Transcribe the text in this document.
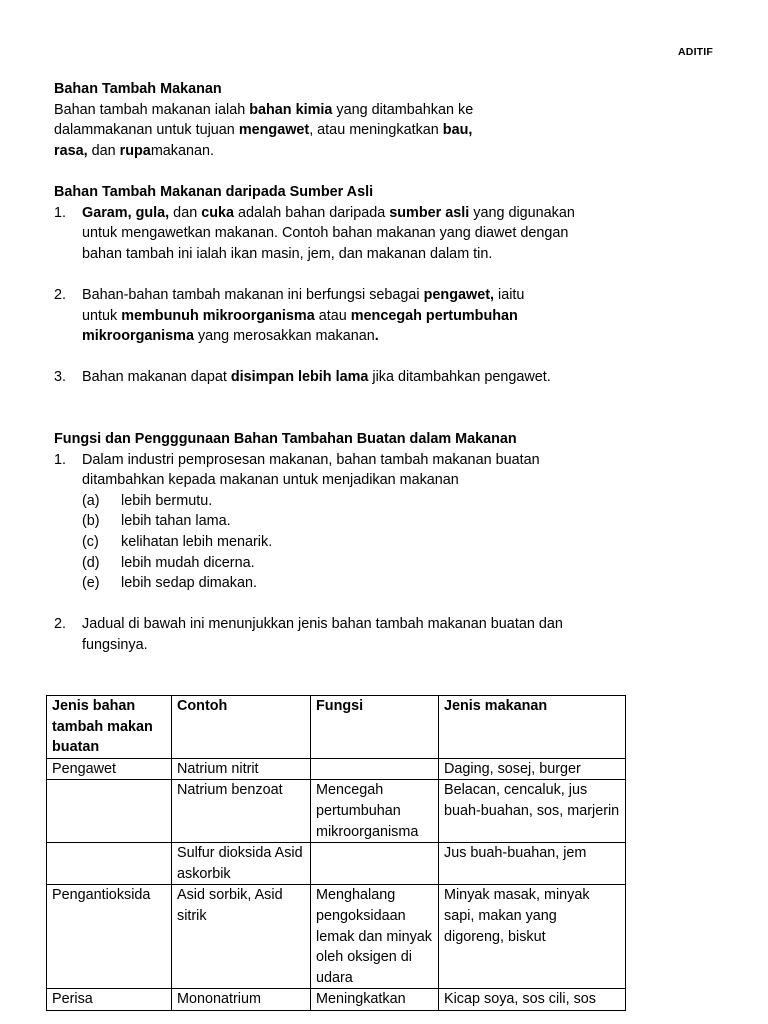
ADITIF

Bahan Tambah Makanan

Bahan tambah makanan ialah bahan kimia yang ditambahkan ke
dalammakanan untuk tujuan mengawet, atau meningkatkan bau,
rasa, dan rupamakanan.

Bahan Tambah Makanan daripada Sumber Asli

1.	Garam, gula, dan cuka adalah bahan daripada sumber asli yang digunakan
untuk mengawetkan makanan. Contoh bahan makanan yang diawet dengan
bahan tambah ini ialah ikan masin, jem, dan makanan dalam tin.
2.	Bahan-bahan tambah makanan ini berfungsi sebagai pengawet, iaitu
untuk membunuh mikroorganisma atau mencegah pertumbuhan
mikroorganisma yang merosakkan makanan.
3.	Bahan makanan dapat disimpan lebih lama jika ditambahkan pengawet.

Fungsi dan Pengggunaan Bahan Tambahan Buatan dalam Makanan

1.	Dalam industri pemprosesan makanan, bahan tambah makanan buatan
ditambahkan kepada makanan untuk menjadikan makanan
(a)	lebih bermutu.
(b)	lebih tahan lama.
(c)	kelihatan lebih menarik.
(d)	lebih mudah dicerna.
(e)	lebih sedap dimakan.
2.	Jadual di bawah ini menunjukkan jenis bahan tambah makanan buatan dan
fungsinya.
Jenis bahan tambah makan buatan	Contoh	Fungsi	Jenis makanan
Pengawet	Natrium nitrit		Daging, sosej, burger
	Natrium benzoat	Mencegah pertumbuhan mikroorganisma	Belacan, cencaluk, jus buah-buahan, sos, marjerin
	Sulfur dioksida Asid askorbik		Jus buah-buahan, jem
Pengantioksida	Asid sorbik, Asid sitrik	Menghalang pengoksidaan lemak dan minyak oleh oksigen di udara	Minyak masak, minyak sapi, makan yang digoreng, biskut
Perisa	Mononatrium	Meningkatkan	Kicap soya, sos cili, sos
